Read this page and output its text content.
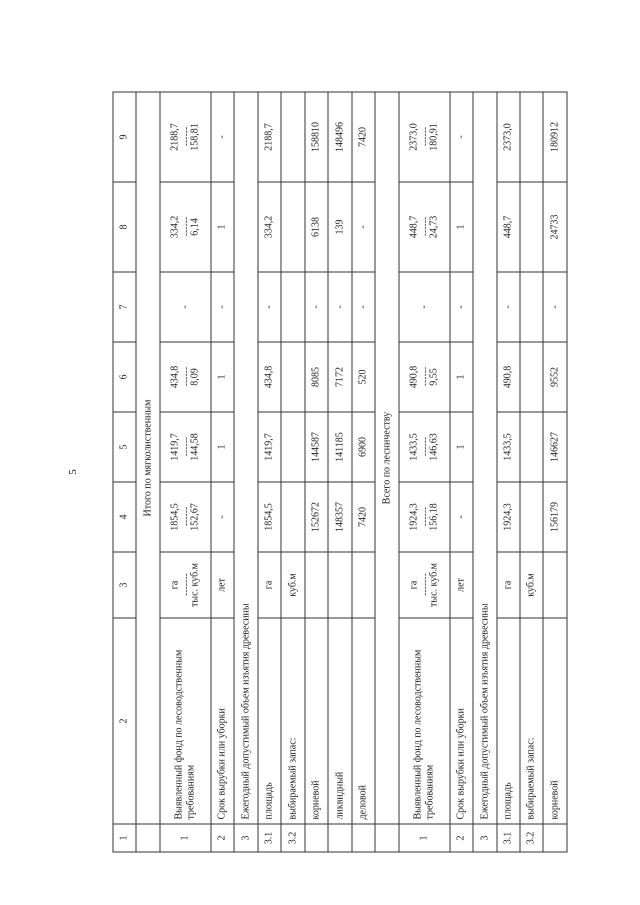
5
1	2	3	4	5	6	7	8	9
	Итого по мягколиственным							
1	Выявленный фонд по лесоводственным требованиям	га - - - - - - - тыс. куб.м	1854,5 - - - - - - 152,67	1419,7 - - - - - - 144,58	434,8 - - - - - - 8,09	-	334,2 - - - - - - 6,14	2188,7 - - - - - - 158,81

2	Срок вырубки или уборки	лет	-	1	1	-	1	-
3	Ежегодный допустимый объем изъятия древесины							
3.1	площадь	га	1854,5	1419,7	434,8	-	334,2	2188,7
3.2	выбираемый запас:	куб.м						
	корневой		152672	144587	8085	-	6138	158810
	ликвидный		148357	141185	7172	-	139	148496
	деловой		7420	6900	520	-	-	7420
	Всего по лесничеству							
1	Выявленный фонд по лесоводственным требованиям	га - - - - - - - тыс. куб.м	1924,3 - - - - - - 156,18	1433,5 - - - - - - 146,63	490,8 - - - - - - 9,55	-	448,7 - - - - - - 24,73	2373,0 - - - - - - 180,91

2	Срок вырубки или уборки	лет	-	1	1	-	1	-
3	Ежегодный допустимый объем изъятия древесины							
3.1	площадь	га	1924,3	1433,5	490,8	-	448,7	2373,0
3.2	выбираемый запас:	куб.м						
	корневой		156179	146627	9552	-	24733	180912
